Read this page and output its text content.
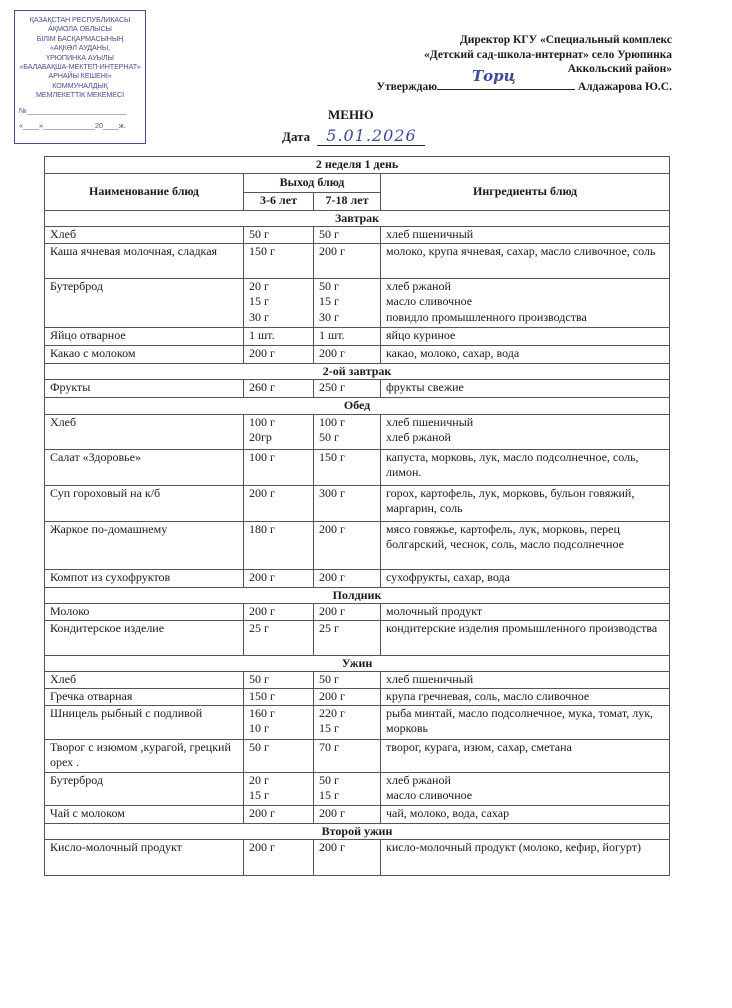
ҚАЗАҚСТАН РЕСПУБЛИКАСЫ
АҚМОЛА ОБЛЫСЫ
БІЛІМ БАСҚАРМАСЫНЫҢ
«АҚКӨЛ АУДАНЫ,
ҮРЮПИНКА АУЫЛЫ
«БАЛАБАҚША-МЕКТЕП-ИНТЕРНАТ»
АРНАЙЫ КЕШЕНІ»
КОММУНАЛДЫҚ
МЕМЛЕКЕТТІК МЕКЕМЕСІ
№_________________________
«____»_____________20____ж.
Директор КГУ «Специальный комплекс
«Детский сад-школа-интернат» село Урюпинка
Аккольский район»
Утверждаю
Торц
Алдажарова Ю.С.
МЕНЮ
Дата 5.01.2026
2 неделя 1 день			
Наименование блюд	Выход блюд		Ингредиенты блюд
	3-6 лет	7-18 лет	
Завтрак			
Хлеб	50 г	50 г	хлеб пшеничный

Каша ячневая молочная, сладкая	150 г	200 г	молоко, крупа ячневая, сахар, масло сливочное, соль

Бутерброд	20 г
15 г
30 г	50 г
15 г
30 г	хлеб ржаной
масло сливочное
повидло промышленного производства

Яйцо отварное	1 шт.	1 шт.	яйцо куриное

Какао с молоком	200 г	200 г	какао, молоко, сахар, вода

2-ой завтрак			
Фрукты	260 г	250 г	фрукты свежие

Обед			
Хлеб	100 г
20гр	100 г
50 г	хлеб пшеничный
хлеб ржаной

Салат «Здоровье»	100 г	150 г	капуста, морковь, лук, масло подсолнечное, соль, лимон.

Суп гороховый на к/б	200 г	300 г	горох, картофель, лук, морковь, бульон говяжий, маргарин, соль

Жаркое по-домашнему	180 г	200 г	мясо говяжье, картофель, лук, морковь, перец болгарский, чеснок, соль, масло подсолнечное

Компот из сухофруктов	200 г	200 г	сухофрукты, сахар, вода

Полдник			
Молоко	200 г	200 г	молочный продукт

Кондитерское изделие	25 г	25 г	кондитерские изделия промышленного производства

Ужин			
Хлеб	50 г	50 г	хлеб пшеничный

Гречка отварная	150 г	200 г	крупа гречневая, соль, масло сливочное

Шницель рыбный с подливой	160 г
10 г	220 г
15 г	рыба минтай, масло подсолнечное, мука, томат, лук, морковь

Творог с изюмом ,курагой, грецкий орех .	50 г	70 г	творог, курага, изюм, сахар, сметана

Бутерброд	20 г
15 г	50 г
15 г	хлеб ржаной
масло сливочное

Чай с молоком	200 г	200 г	чай, молоко, вода, сахар

Второй ужин			
Кисло-молочный продукт	200 г	200 г	кисло-молочный продукт (молоко, кефир, йогурт)
